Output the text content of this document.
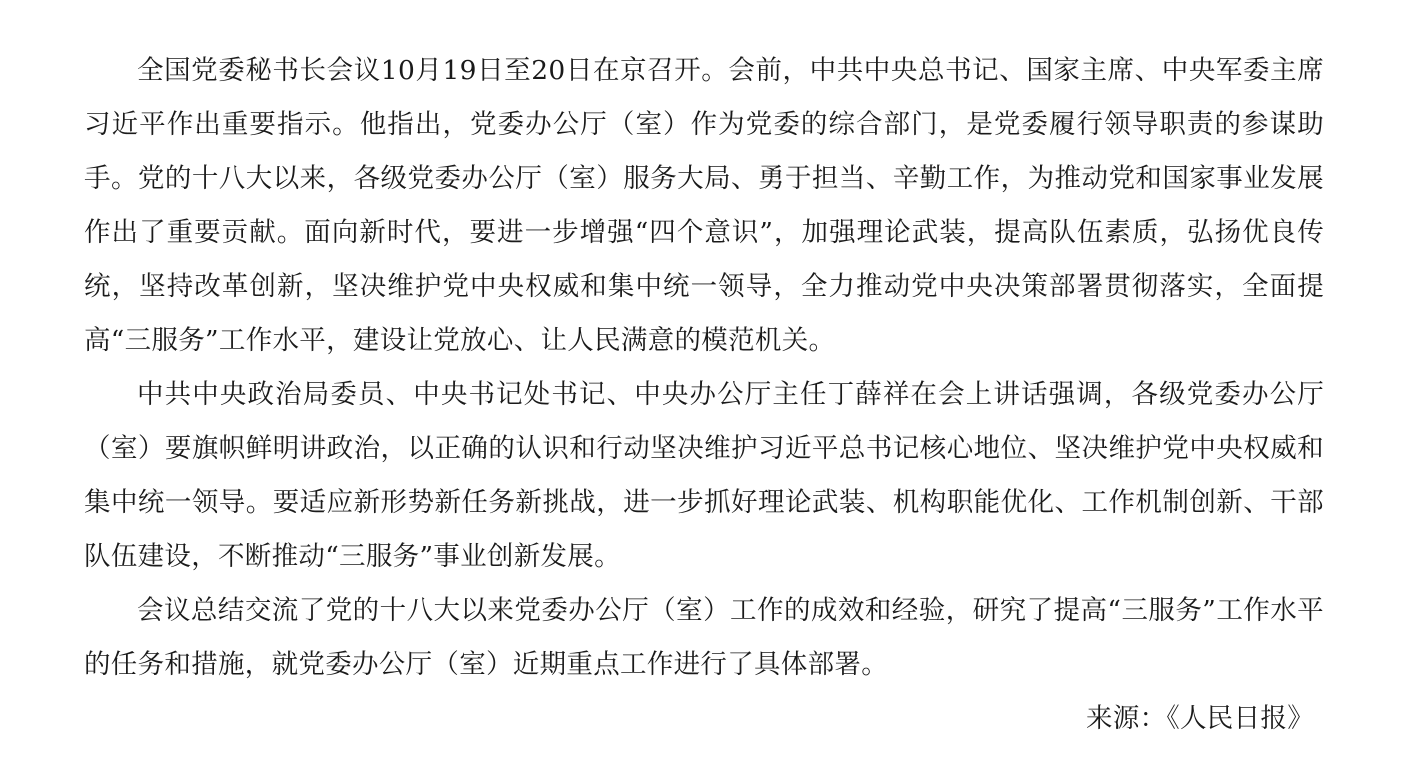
全国党委秘书长会议10月19日至20日在京召开。会前，中共中央总书记、国家主席、中央军委主席习近平作出重要指示。他指出，党委办公厅（室）作为党委的综合部门，是党委履行领导职责的参谋助手。党的十八大以来，各级党委办公厅（室）服务大局、勇于担当、辛勤工作，为推动党和国家事业发展作出了重要贡献。面向新时代，要进一步增强“四个意识”，加强理论武装，提高队伍素质，弘扬优良传统，坚持改革创新，坚决维护党中央权威和集中统一领导，全力推动党中央决策部署贯彻落实，全面提高“三服务”工作水平，建设让党放心、让人民满意的模范机关。

中共中央政治局委员、中央书记处书记、中央办公厅主任丁薛祥在会上讲话强调，各级党委办公厅（室）要旗帜鲜明讲政治，以正确的认识和行动坚决维护习近平总书记核心地位、坚决维护党中央权威和集中统一领导。要适应新形势新任务新挑战，进一步抓好理论武装、机构职能优化、工作机制创新、干部队伍建设，不断推动“三服务”事业创新发展。

会议总结交流了党的十八大以来党委办公厅（室）工作的成效和经验，研究了提高“三服务”工作水平的任务和措施，就党委办公厅（室）近期重点工作进行了具体部署。

来源：《人民日报》
